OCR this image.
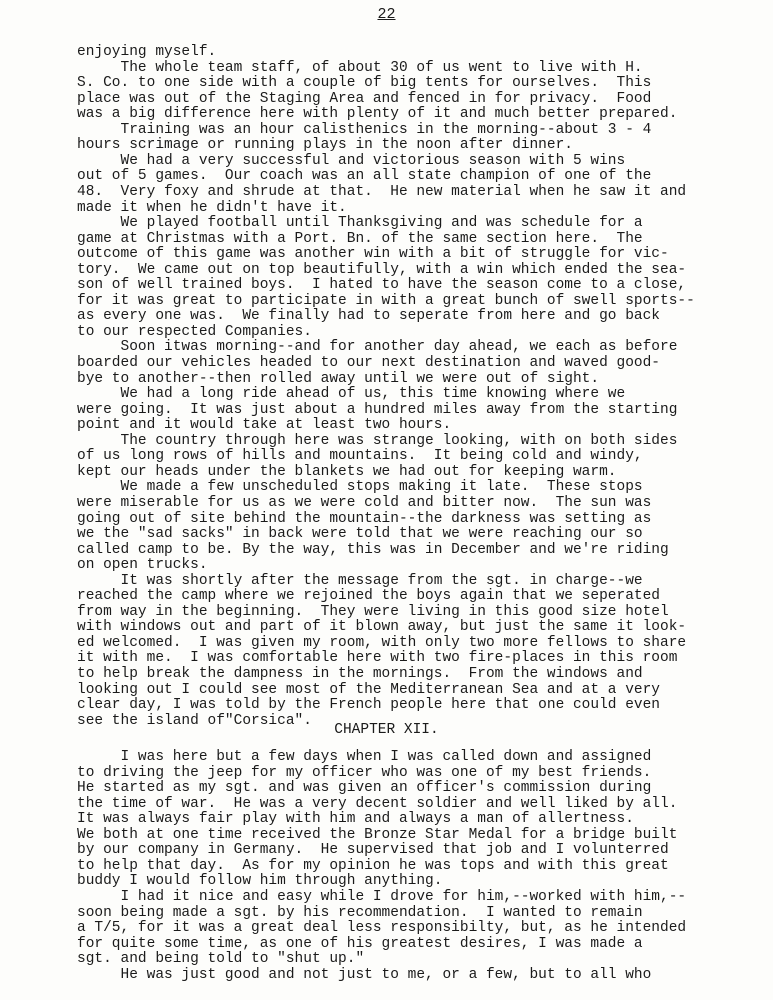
22
enjoying myself.
The whole team staff, of about 30 of us went to live with H.
S. Co. to one side with a couple of big tents for ourselves.  This
place was out of the Staging Area and fenced in for privacy.  Food
was a big difference here with plenty of it and much better prepared.
Training was an hour calisthenics in the morning--about 3 - 4
hours scrimage or running plays in the noon after dinner.
We had a very successful and victorious season with 5 wins
out of 5 games.  Our coach was an all state champion of one of the
48.  Very foxy and shrude at that.  He new material when he saw it and
made it when he didn't have it.
We played football until Thanksgiving and was schedule for a
game at Christmas with a Port. Bn. of the same section here.  The
outcome of this game was another win with a bit of struggle for vic-
tory.  We came out on top beautifully, with a win which ended the sea-
son of well trained boys.  I hated to have the season come to a close,
for it was great to participate in with a great bunch of swell sports--
as every one was.  We finally had to seperate from here and go back
to our respected Companies.
Soon itwas morning--and for another day ahead, we each as before
boarded our vehicles headed to our next destination and waved good-
bye to another--then rolled away until we were out of sight.
We had a long ride ahead of us, this time knowing where we
were going.  It was just about a hundred miles away from the starting
point and it would take at least two hours.
The country through here was strange looking, with on both sides
of us long rows of hills and mountains.  It being cold and windy,
kept our heads under the blankets we had out for keeping warm.
We made a few unscheduled stops making it late.  These stops
were miserable for us as we were cold and bitter now.  The sun was
going out of site behind the mountain--the darkness was setting as
we the "sad sacks" in back were told that we were reaching our so
called camp to be. By the way, this was in December and we're riding
on open trucks.
It was shortly after the message from the sgt. in charge--we
reached the camp where we rejoined the boys again that we seperated
from way in the beginning.  They were living in this good size hotel
with windows out and part of it blown away, but just the same it look-
ed welcomed.  I was given my room, with only two more fellows to share
it with me.  I was comfortable here with two fire-places in this room
to help break the dampness in the mornings.  From the windows and
looking out I could see most of the Mediterranean Sea and at a very
clear day, I was told by the French people here that one could even
see the island of"Corsica".
CHAPTER XII.
I was here but a few days when I was called down and assigned
to driving the jeep for my officer who was one of my best friends.
He started as my sgt. and was given an officer's commission during
the time of war.  He was a very decent soldier and well liked by all.
It was always fair play with him and always a man of allertness.
We both at one time received the Bronze Star Medal for a bridge built
by our company in Germany.  He supervised that job and I volunterred
to help that day.  As for my opinion he was tops and with this great
buddy I would follow him through anything.
I had it nice and easy while I drove for him,--worked with him,--
soon being made a sgt. by his recommendation.  I wanted to remain
a T/5, for it was a great deal less responsibilty, but, as he intended
for quite some time, as one of his greatest desires, I was made a
sgt. and being told to "shut up."
He was just good and not just to me, or a few, but to all who
